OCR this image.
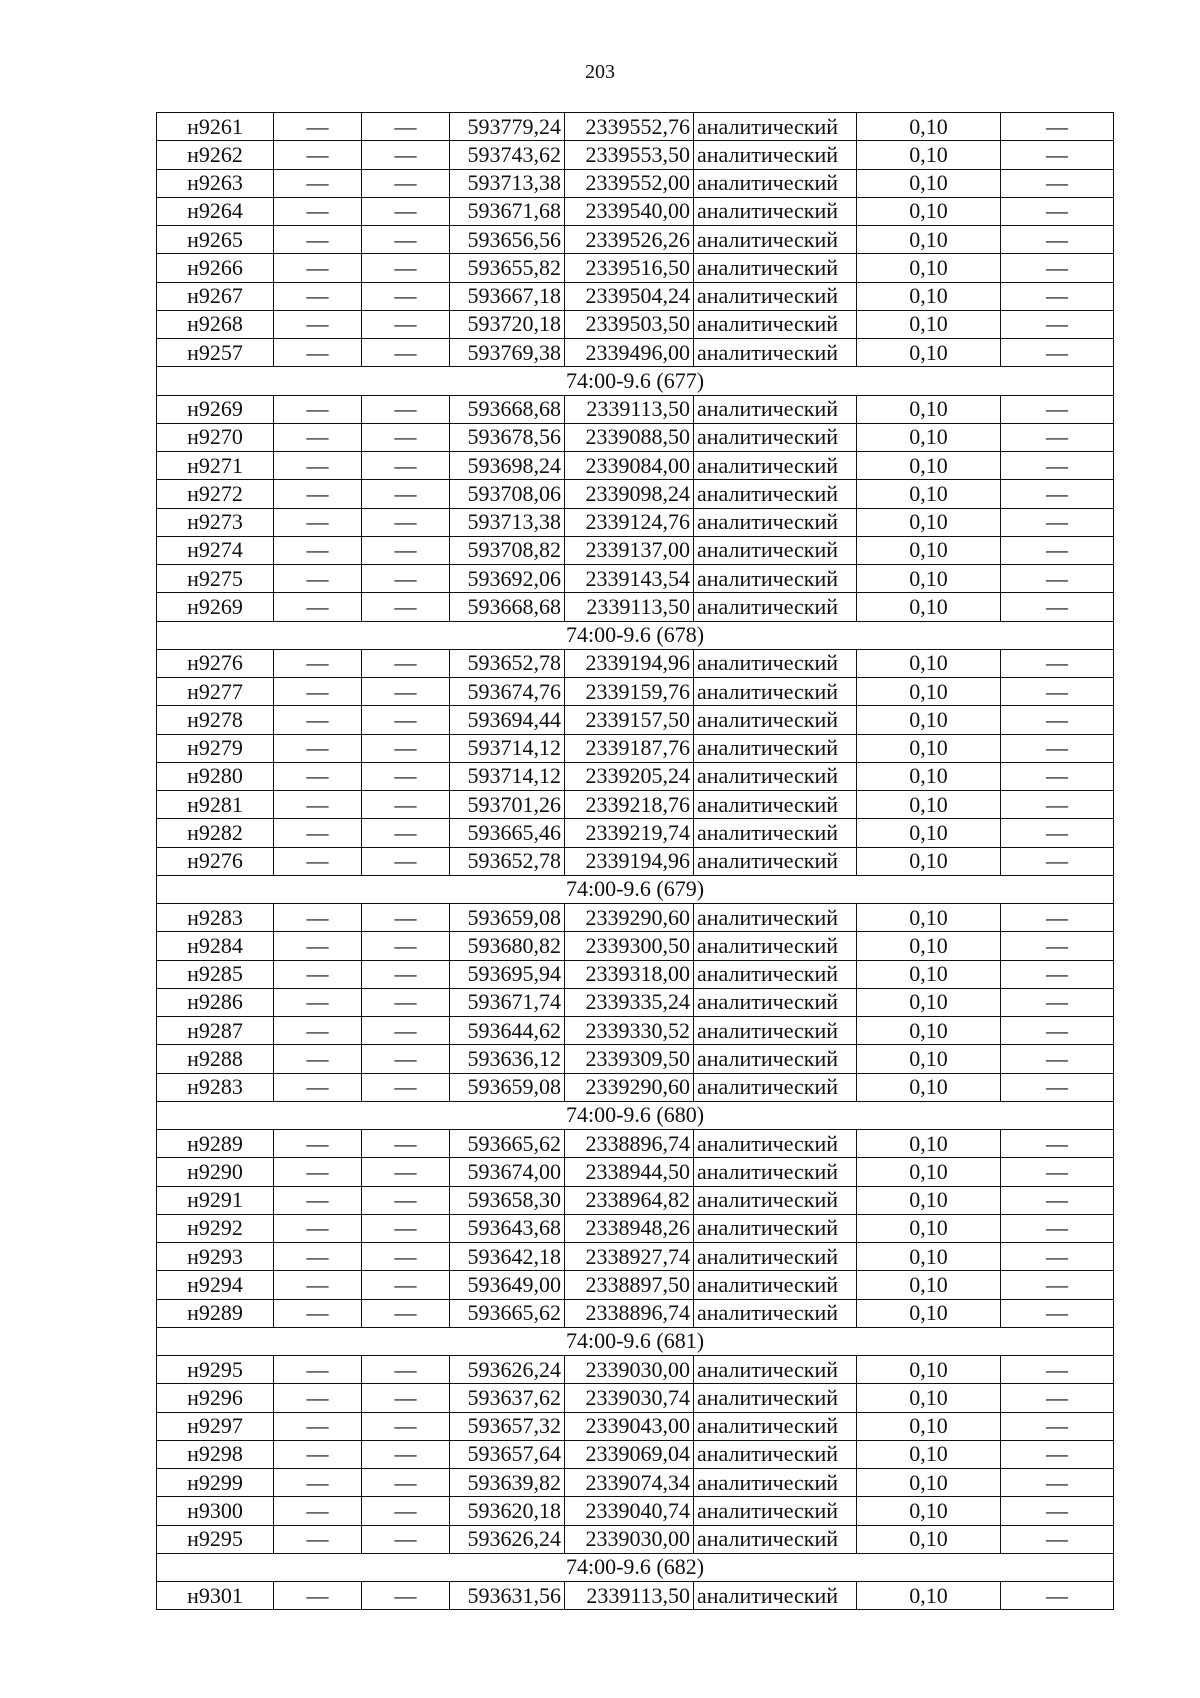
203
н9261	—	—	593779,24	2339552,76	аналитический	0,10	—
н9262	—	—	593743,62	2339553,50	аналитический	0,10	—
н9263	—	—	593713,38	2339552,00	аналитический	0,10	—
н9264	—	—	593671,68	2339540,00	аналитический	0,10	—
н9265	—	—	593656,56	2339526,26	аналитический	0,10	—
н9266	—	—	593655,82	2339516,50	аналитический	0,10	—
н9267	—	—	593667,18	2339504,24	аналитический	0,10	—
н9268	—	—	593720,18	2339503,50	аналитический	0,10	—
н9257	—	—	593769,38	2339496,00	аналитический	0,10	—
74:00-9.6 (677)							
н9269	—	—	593668,68	2339113,50	аналитический	0,10	—
н9270	—	—	593678,56	2339088,50	аналитический	0,10	—
н9271	—	—	593698,24	2339084,00	аналитический	0,10	—
н9272	—	—	593708,06	2339098,24	аналитический	0,10	—
н9273	—	—	593713,38	2339124,76	аналитический	0,10	—
н9274	—	—	593708,82	2339137,00	аналитический	0,10	—
н9275	—	—	593692,06	2339143,54	аналитический	0,10	—
н9269	—	—	593668,68	2339113,50	аналитический	0,10	—
74:00-9.6 (678)							
н9276	—	—	593652,78	2339194,96	аналитический	0,10	—
н9277	—	—	593674,76	2339159,76	аналитический	0,10	—
н9278	—	—	593694,44	2339157,50	аналитический	0,10	—
н9279	—	—	593714,12	2339187,76	аналитический	0,10	—
н9280	—	—	593714,12	2339205,24	аналитический	0,10	—
н9281	—	—	593701,26	2339218,76	аналитический	0,10	—
н9282	—	—	593665,46	2339219,74	аналитический	0,10	—
н9276	—	—	593652,78	2339194,96	аналитический	0,10	—
74:00-9.6 (679)							
н9283	—	—	593659,08	2339290,60	аналитический	0,10	—
н9284	—	—	593680,82	2339300,50	аналитический	0,10	—
н9285	—	—	593695,94	2339318,00	аналитический	0,10	—
н9286	—	—	593671,74	2339335,24	аналитический	0,10	—
н9287	—	—	593644,62	2339330,52	аналитический	0,10	—
н9288	—	—	593636,12	2339309,50	аналитический	0,10	—
н9283	—	—	593659,08	2339290,60	аналитический	0,10	—
74:00-9.6 (680)							
н9289	—	—	593665,62	2338896,74	аналитический	0,10	—
н9290	—	—	593674,00	2338944,50	аналитический	0,10	—
н9291	—	—	593658,30	2338964,82	аналитический	0,10	—
н9292	—	—	593643,68	2338948,26	аналитический	0,10	—
н9293	—	—	593642,18	2338927,74	аналитический	0,10	—
н9294	—	—	593649,00	2338897,50	аналитический	0,10	—
н9289	—	—	593665,62	2338896,74	аналитический	0,10	—
74:00-9.6 (681)							
н9295	—	—	593626,24	2339030,00	аналитический	0,10	—
н9296	—	—	593637,62	2339030,74	аналитический	0,10	—
н9297	—	—	593657,32	2339043,00	аналитический	0,10	—
н9298	—	—	593657,64	2339069,04	аналитический	0,10	—
н9299	—	—	593639,82	2339074,34	аналитический	0,10	—
н9300	—	—	593620,18	2339040,74	аналитический	0,10	—
н9295	—	—	593626,24	2339030,00	аналитический	0,10	—
74:00-9.6 (682)							
н9301	—	—	593631,56	2339113,50	аналитический	0,10	—
